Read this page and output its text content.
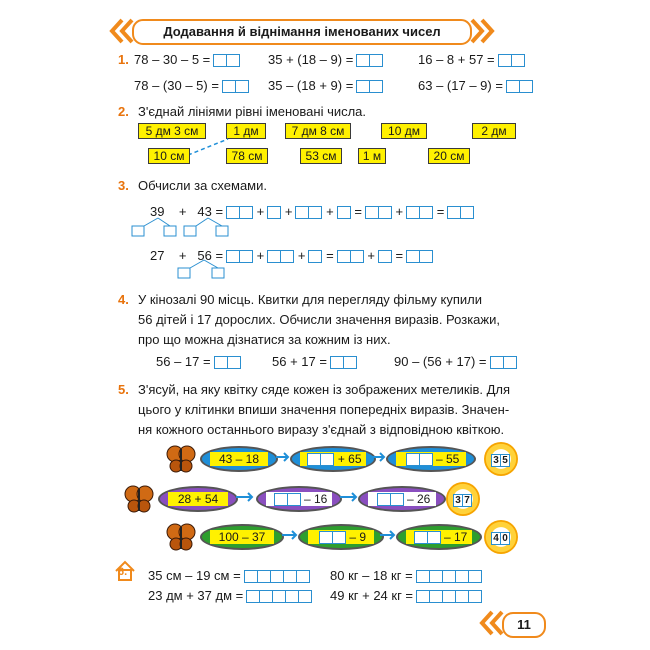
Додавання й віднімання іменованих чисел
1. 78 – 30 – 5 =	35 + (18 – 9) =	16 – 8 + 57 =
78 – (30 – 5) =	35 – (18 + 9) =	63 – (17 – 9) =
2. З'єднай лініями рівні іменовані числа.
5 дм 3 см	1 дм	7 дм 8 см	10 дм	2 дм
10 см	78 см	53 см	1 м	20 см
3. Обчисли за схемами.
39 + 43 =	+ +	+ =	+	=
27 + 56 =	+	+ =	+ =
4. У кінозалі 90 місць. Квитки для перегляду фільму купили
56 дітей і 17 дорослих. Обчисли значення виразів. Розкажи,
про що можна дізнатися за кожним із них.
56 – 17 =	56 + 17 =	90 – (56 + 17) =
5. З'ясуй, на яку квітку сяде кожен із зображених метеликів. Для
цього у клітинки впиши значення попередніх виразів. Значен-
ня кожного останнього виразу з'єднай з відповідною квіткою.
43 – 18	+ 65	– 55	3 5
28 + 54	– 16	– 26	3 7
100 – 37	– 9	– 17	4 0
6. 35 см – 19 см =	80 кг – 18 кг =
23 дм + 37 дм =	49 кг + 24 кг =
11
